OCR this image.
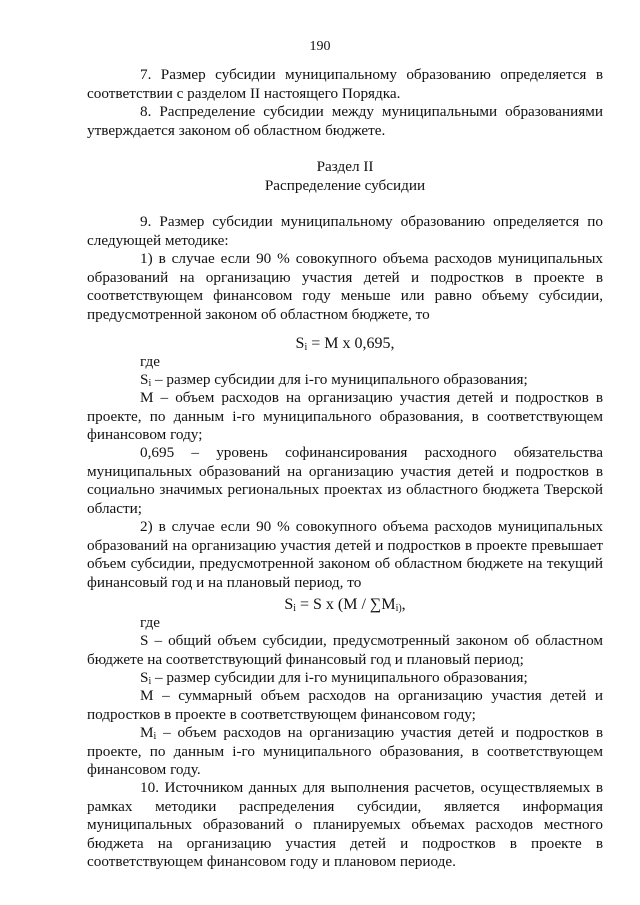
190
7. Размер субсидии муниципальному образованию определяется в соответствии с разделом II настоящего Порядка.
8. Распределение субсидии между муниципальными образованиями утверждается законом об областном бюджете.
Раздел II
Распределение субсидии
9. Размер субсидии муниципальному образованию определяется по следующей методике:
1) в случае если 90 % совокупного объема расходов муниципальных образований на организацию участия детей и подростков в проекте в соответствующем финансовом году меньше или равно объему субсидии, предусмотренной законом об областном бюджете, то
$S_i = M$ х 0,695,
где
$S_i$ – размер субсидии для i-го муниципального образования;
M – объем расходов на организацию участия детей и подростков в проекте, по данным i-го муниципального образования, в соответствующем финансовом году;
0,695 – уровень софинансирования расходного обязательства муниципальных образований на организацию участия детей и подростков в социально значимых региональных проектах из областного бюджета Тверской области;
2) в случае если 90 % совокупного объема расходов муниципальных образований на организацию участия детей и подростков в проекте превышает объем субсидии, предусмотренной законом об областном бюджете на текущий финансовый год и на плановый период, то
$S_i = S$ х ($M / \sum M_{i)}$,
где
S – общий объем субсидии, предусмотренный законом об областном бюджете на соответствующий финансовый год и плановый период;
$S_i$ – размер субсидии для i-го муниципального образования;
M – суммарный объем расходов на организацию участия детей и подростков в проекте в соответствующем финансовом году;
$M_i$ – объем расходов на организацию участия детей и подростков в проекте, по данным i-го муниципального образования, в соответствующем финансовом году.
10. Источником данных для выполнения расчетов, осуществляемых в рамках методики распределения субсидии, является информация муниципальных образований о планируемых объемах расходов местного бюджета на организацию участия детей и подростков в проекте в соответствующем финансовом году и плановом периоде.
